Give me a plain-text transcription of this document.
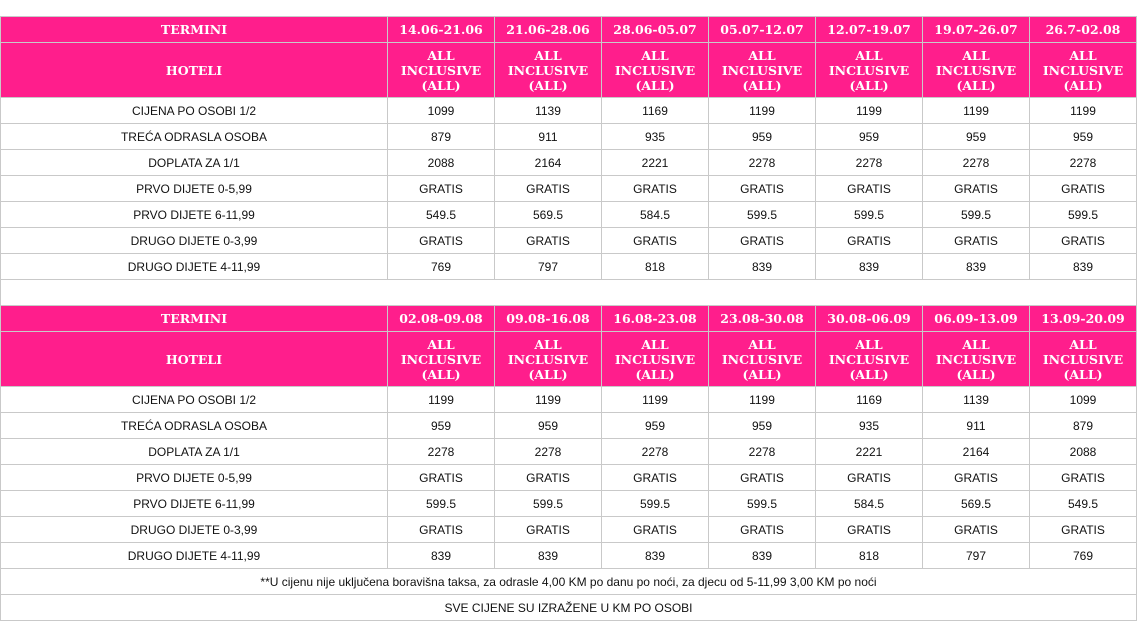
TERMINI	14.06-21.06	21.06-28.06	28.06-05.07	05.07-12.07	12.07-19.07	19.07-26.07	26.7-02.08
HOTELI	ALL
INCLUSIVE
(ALL)	ALL
INCLUSIVE
(ALL)	ALL
INCLUSIVE
(ALL)	ALL
INCLUSIVE
(ALL)	ALL
INCLUSIVE
(ALL)	ALL
INCLUSIVE
(ALL)	ALL
INCLUSIVE
(ALL)

CIJENA PO OSOBI 1/2	1099	1139	1169	1199	1199	1199	1199
TREĆA ODRASLA OSOBA	879	911	935	959	959	959	959
DOPLATA ZA 1/1	2088	2164	2221	2278	2278	2278	2278
PRVO DIJETE 0-5,99	GRATIS	GRATIS	GRATIS	GRATIS	GRATIS	GRATIS	GRATIS
PRVO DIJETE 6-11,99	549.5	569.5	584.5	599.5	599.5	599.5	599.5
DRUGO DIJETE 0-3,99	GRATIS	GRATIS	GRATIS	GRATIS	GRATIS	GRATIS	GRATIS
DRUGO DIJETE 4-11,99	769	797	818	839	839	839	839

TERMINI	02.08-09.08	09.08-16.08	16.08-23.08	23.08-30.08	30.08-06.09	06.09-13.09	13.09-20.09
HOTELI	ALL
INCLUSIVE
(ALL)	ALL
INCLUSIVE
(ALL)	ALL
INCLUSIVE
(ALL)	ALL
INCLUSIVE
(ALL)	ALL
INCLUSIVE
(ALL)	ALL
INCLUSIVE
(ALL)	ALL
INCLUSIVE
(ALL)

CIJENA PO OSOBI 1/2	1199	1199	1199	1199	1169	1139	1099
TREĆA ODRASLA OSOBA	959	959	959	959	935	911	879
DOPLATA ZA 1/1	2278	2278	2278	2278	2221	2164	2088
PRVO DIJETE 0-5,99	GRATIS	GRATIS	GRATIS	GRATIS	GRATIS	GRATIS	GRATIS
PRVO DIJETE 6-11,99	599.5	599.5	599.5	599.5	584.5	569.5	549.5
DRUGO DIJETE 0-3,99	GRATIS	GRATIS	GRATIS	GRATIS	GRATIS	GRATIS	GRATIS
DRUGO DIJETE 4-11,99	839	839	839	839	818	797	769
**U cijenu nije uključena boravišna taksa, za odrasle 4,00 KM po danu po noći, za djecu od 5-11,99 3,00 KM po noći							
SVE CIJENE SU IZRAŽENE U KM PO OSOBI							
